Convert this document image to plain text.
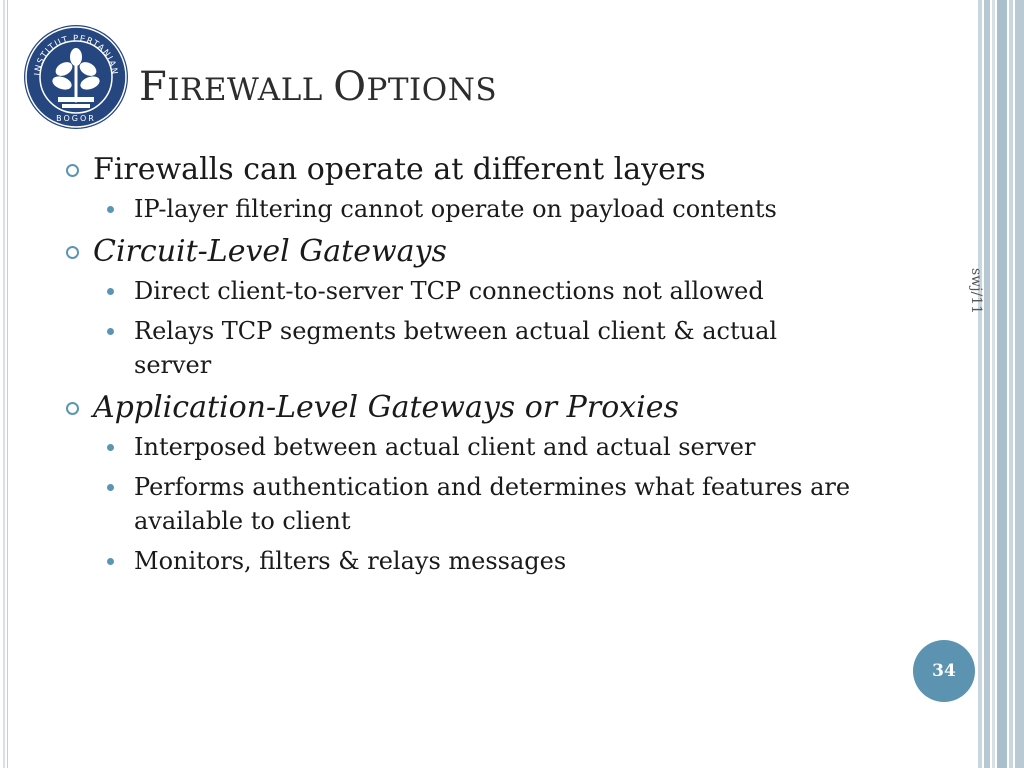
INSTITUT PERTANIAN
BOGOR
FIREWALL OPTIONS
swj/11
Firewalls can operate at different layers
IP-layer filtering cannot operate on payload contents
Circuit-Level Gateways
Direct client-to-server TCP connections not allowed
Relays TCP segments between actual client & actual server
Application-Level Gateways or Proxies
Interposed between actual client and actual server
Performs authentication and determines what features are available to client
Monitors, filters & relays messages
34
